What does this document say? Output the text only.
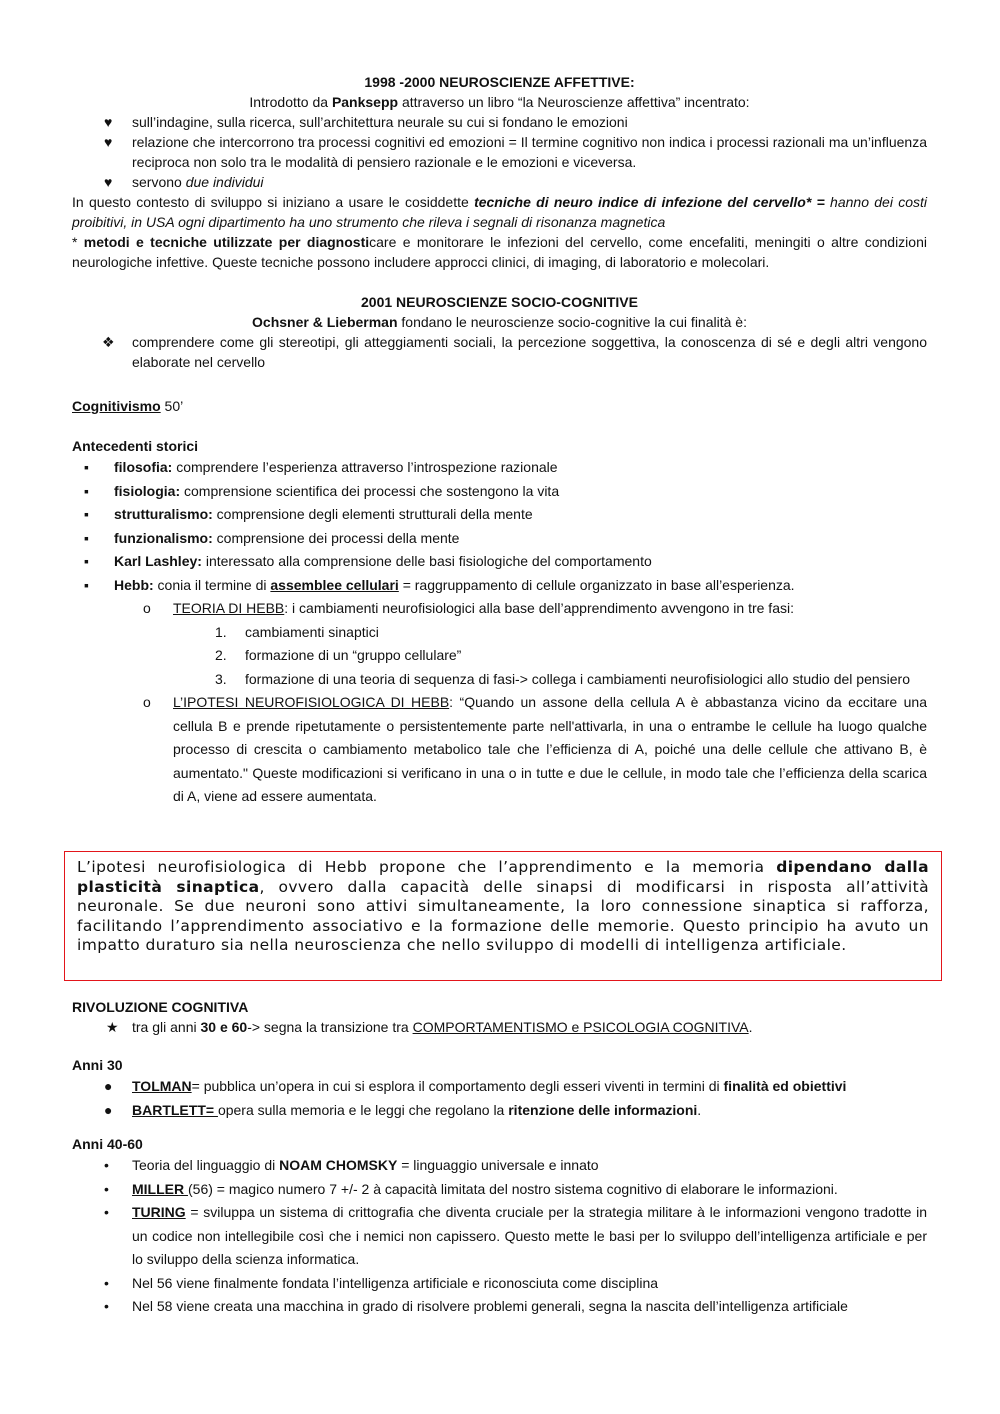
1998 -2000 NEUROSCIENZE AFFETTIVE:

Introdotto da Panksepp attraverso un libro “la Neuroscienze affettiva” incentrato:

♥	sull’indagine, sulla ricerca, sull’architettura neurale su cui si fondano le emozioni
♥	relazione che intercorrono tra processi cognitivi ed emozioni = Il termine cognitivo non indica i processi razionali ma un’influenza reciproca non solo tra le modalità di pensiero razionale e le emozioni e viceversa.
♥	servono due individui

In questo contesto di sviluppo si iniziano a usare le cosiddette tecniche di neuro indice di infezione del cervello* = hanno dei costi proibitivi, in USA ogni dipartimento ha uno strumento che rileva i segnali di risonanza magnetica

* metodi e tecniche utilizzate per diagnosticare e monitorare le infezioni del cervello, come encefaliti, meningiti o altre condizioni neurologiche infettive. Queste tecniche possono includere approcci clinici, di imaging, di laboratorio e molecolari.

2001 NEUROSCIENZE SOCIO-COGNITIVE

Ochsner & Lieberman fondano le neuroscienze socio-cognitive la cui finalità è:

❖	comprendere come gli stereotipi, gli atteggiamenti sociali, la percezione soggettiva, la conoscenza di sé e degli altri vengono elaborate nel cervello

Cognitivismo 50’

Antecedenti storici

▪ filosofia: comprendere l’esperienza attraverso l’introspezione razionale
▪ fisiologia: comprensione scientifica dei processi che sostengono la vita
▪ strutturalismo: comprensione degli elementi strutturali della mente
▪ funzionalismo: comprensione dei processi della mente
▪ Karl Lashley: interessato alla comprensione delle basi fisiologiche del comportamento
▪ Hebb: conia il termine di assemblee cellulari = raggruppamento di cellule organizzato in base all’esperienza.
o TEORIA DI HEBB: i cambiamenti neurofisiologici alla base dell’apprendimento avvengono in tre fasi:
1. cambiamenti sinaptici
2. formazione di un “gruppo cellulare”
3. formazione di una teoria di sequenza di fasi-> collega i cambiamenti neurofisiologici allo studio del pensiero
o L’IPOTESI NEUROFISIOLOGICA DI HEBB: “Quando un assone della cellula A è abbastanza vicino da eccitare una cellula B e prende ripetutamente o persistentemente parte nell'attivarla, in una o entrambe le cellule ha luogo qualche processo di crescita o cambiamento metabolico tale che l’efficienza di A, poiché una delle cellule che attivano B, è aumentato." Queste modificazioni si verificano in una o in tutte e due le cellule, in modo tale che l’efficienza della scarica di A, viene ad essere aumentata.
L’ipotesi neurofisiologica di Hebb propone che l’apprendimento e la memoria dipendano dalla plasticità sinaptica, ovvero dalla capacità delle sinapsi di modificarsi in risposta all’attività neuronale. Se due neuroni sono attivi simultaneamente, la loro connessione sinaptica si rafforza, facilitando l’apprendimento associativo e la formazione delle memorie. Questo principio ha avuto un impatto duraturo sia nella neuroscienza che nello sviluppo di modelli di intelligenza artificiale.

RIVOLUZIONE COGNITIVA

★ tra gli anni 30 e 60-> segna la transizione tra COMPORTAMENTISMO e PSICOLOGIA COGNITIVA.

Anni 30

●	TOLMAN= pubblica un’opera in cui si esplora il comportamento degli esseri viventi in termini di finalità ed obiettivi
●	BARTLETT= opera sulla memoria e le leggi che regolano la ritenzione delle informazioni.

Anni 40-60

•	Teoria del linguaggio di NOAM CHOMSKY = linguaggio universale e innato
•	MILLER (56) = magico numero 7 +/- 2 à capacità limitata del nostro sistema cognitivo di elaborare le informazioni.
•	TURING = sviluppa un sistema di crittografia che diventa cruciale per la strategia militare à le informazioni vengono tradotte in un codice non intellegibile così che i nemici non capissero. Questo mette le basi per lo sviluppo dell’intelligenza artificiale e per lo sviluppo della scienza informatica.
•	Nel 56 viene finalmente fondata l’intelligenza artificiale e riconosciuta come disciplina
•	Nel 58 viene creata una macchina in grado di risolvere problemi generali, segna la nascita dell’intelligenza artificiale
